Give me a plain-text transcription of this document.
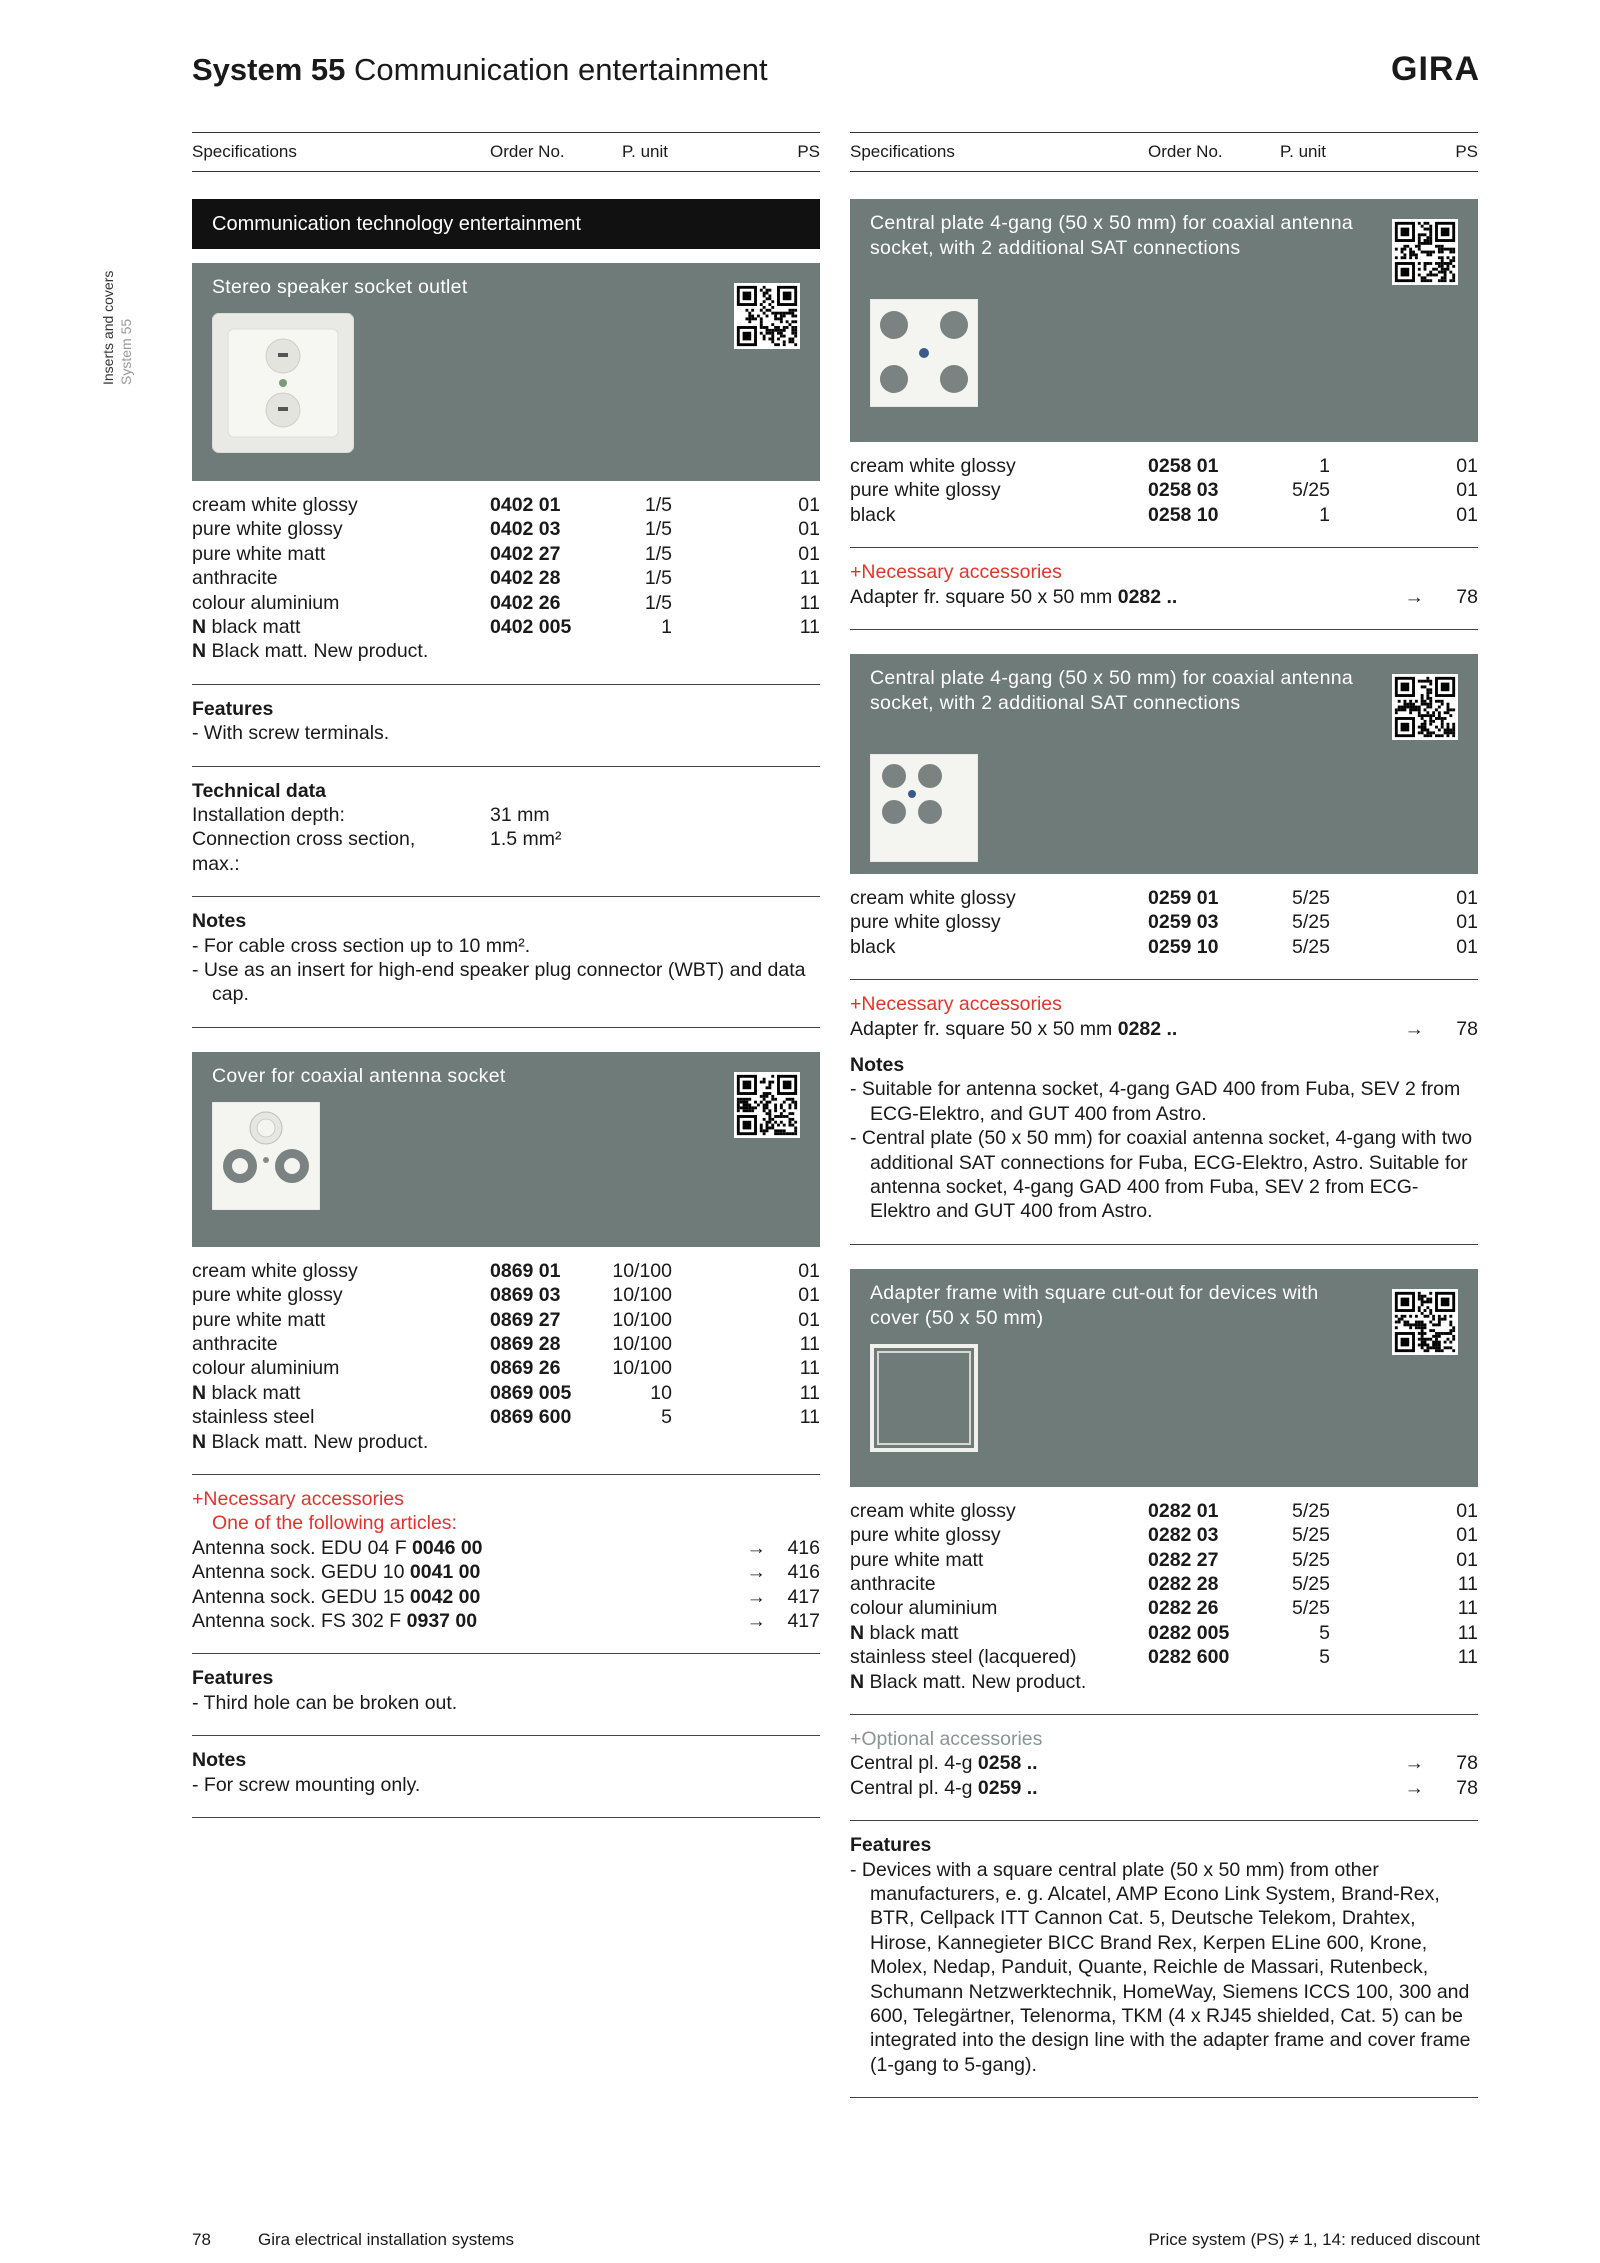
System 55 Communication entertainment	GIRA
Inserts and covers System 55
Specifications	Order No.	P. unit	PS
Communication technology entertainment
Stereo speaker socket outlet
cream white glossy	0402 01	1/5	01
pure white glossy	0402 03	1/5	01
pure white matt	0402 27	1/5	01
anthracite	0402 28	1/5	11
colour aluminium	0402 26	1/5	11
N black matt	0402 005	1	11
N Black matt. New product.
Features
- With screw terminals.
Technical data
Installation depth:	31 mm
Connection cross section,	1.5 mm²
max.:
Notes
- For cable cross section up to 10 mm².
- Use as an insert for high-end speaker plug connector (WBT) and data cap.
Cover for coaxial antenna socket
cream white glossy	0869 01	10/100	01
pure white glossy	0869 03	10/100	01
pure white matt	0869 27	10/100	01
anthracite	0869 28	10/100	11
colour aluminium	0869 26	10/100	11
N black matt	0869 005	10	11
stainless steel	0869 600	5	11
N Black matt. New product.
+Necessary accessories
One of the following articles:
Antenna sock. EDU 04 F 0046 00	→ 416
Antenna sock. GEDU 10 0041 00	→ 416
Antenna sock. GEDU 15 0042 00	→ 417
Antenna sock. FS 302 F 0937 00	→ 417
Features
- Third hole can be broken out.
Notes
- For screw mounting only.
Specifications	Order No.	P. unit	PS
Central plate 4-gang (50 x 50 mm) for coaxial antenna socket, with 2 additional SAT connections
cream white glossy	0258 01	1	01
pure white glossy	0258 03	5/25	01
black	0258 10	1	01
+Necessary accessories
Adapter fr. square 50 x 50 mm 0282 ..	→ 78
Central plate 4-gang (50 x 50 mm) for coaxial antenna socket, with 2 additional SAT connections
cream white glossy	0259 01	5/25	01
pure white glossy	0259 03	5/25	01
black	0259 10	5/25	01
+Necessary accessories
Adapter fr. square 50 x 50 mm 0282 ..	→ 78
Notes
- Suitable for antenna socket, 4-gang GAD 400 from Fuba, SEV 2 from ECG-Elektro, and GUT 400 from Astro.
- Central plate (50 x 50 mm) for coaxial antenna socket, 4-gang with two additional SAT connections for Fuba, ECG-Elektro, Astro. Suitable for antenna socket, 4-gang GAD 400 from Fuba, SEV 2 from ECG-Elektro and GUT 400 from Astro.
Adapter frame with square cut-out for devices with cover (50 x 50 mm)
cream white glossy	0282 01	5/25	01
pure white glossy	0282 03	5/25	01
pure white matt	0282 27	5/25	01
anthracite	0282 28	5/25	11
colour aluminium	0282 26	5/25	11
N black matt	0282 005	5	11
stainless steel (lacquered)	0282 600	5	11
N Black matt. New product.
+Optional accessories
Central pl. 4-g 0258 ..	→ 78
Central pl. 4-g 0259 ..	→ 78
Features
- Devices with a square central plate (50 x 50 mm) from other manufacturers, e. g. Alcatel, AMP Econo Link System, Brand-Rex, BTR, Cellpack ITT Cannon Cat. 5, Deutsche Telekom, Drahtex, Hirose, Kannegieter BICC Brand Rex, Kerpen ELine 600, Krone, Molex, Nedap, Panduit, Quante, Reichle de Massari, Rutenbeck, Schumann Netzwerktechnik, HomeWay, Siemens ICCS 100, 300 and 600, Telegärtner, Telenorma, TKM (4 x RJ45 shielded, Cat. 5) can be integrated into the design line with the adapter frame and cover frame (1-gang to 5-gang).
78	Gira electrical installation systems	Price system (PS) ≠ 1, 14: reduced discount
